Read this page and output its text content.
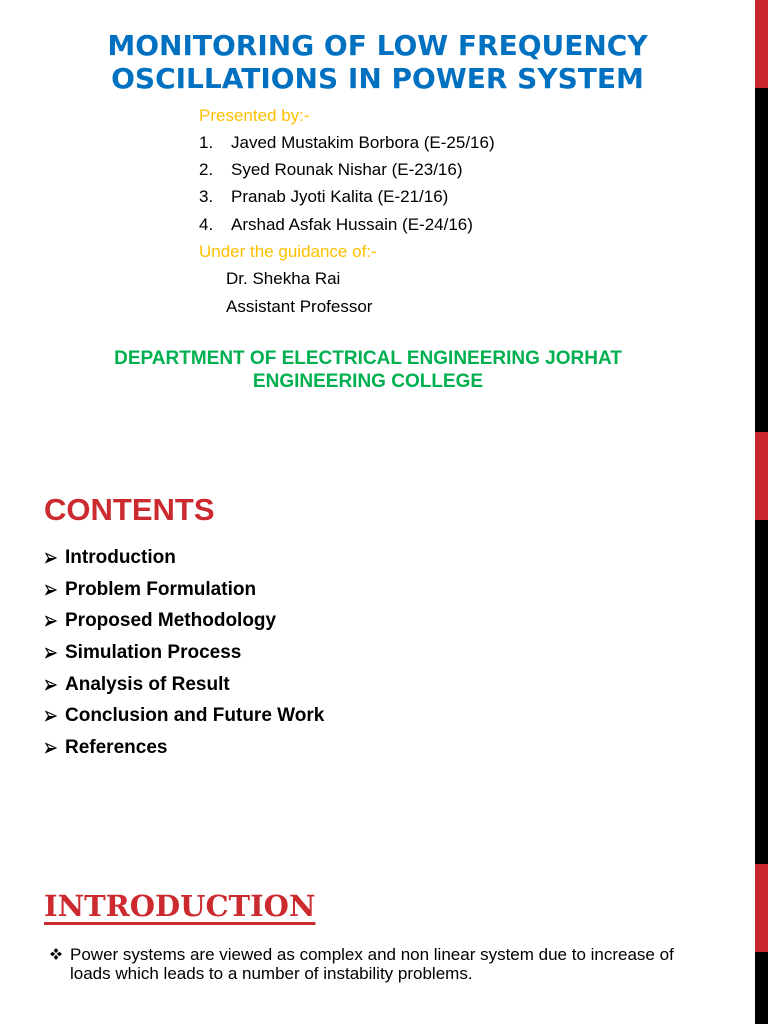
MONITORING OF LOW FREQUENCY OSCILLATIONS IN POWER SYSTEM
Presented by:-
1. Javed Mustakim Borbora (E-25/16)
2. Syed Rounak Nishar (E-23/16)
3. Pranab Jyoti Kalita (E-21/16)
4. Arshad Asfak Hussain (E-24/16)
Under the guidance of:-
Dr. Shekha Rai
Assistant Professor
DEPARTMENT OF ELECTRICAL ENGINEERING JORHAT ENGINEERING COLLEGE
CONTENTS
Introduction
Problem Formulation
Proposed Methodology
Simulation Process
Analysis of Result
Conclusion and Future Work
References
INTRODUCTION
Power systems are viewed as complex and non linear system due to increase of loads which leads to a number of instability problems.
